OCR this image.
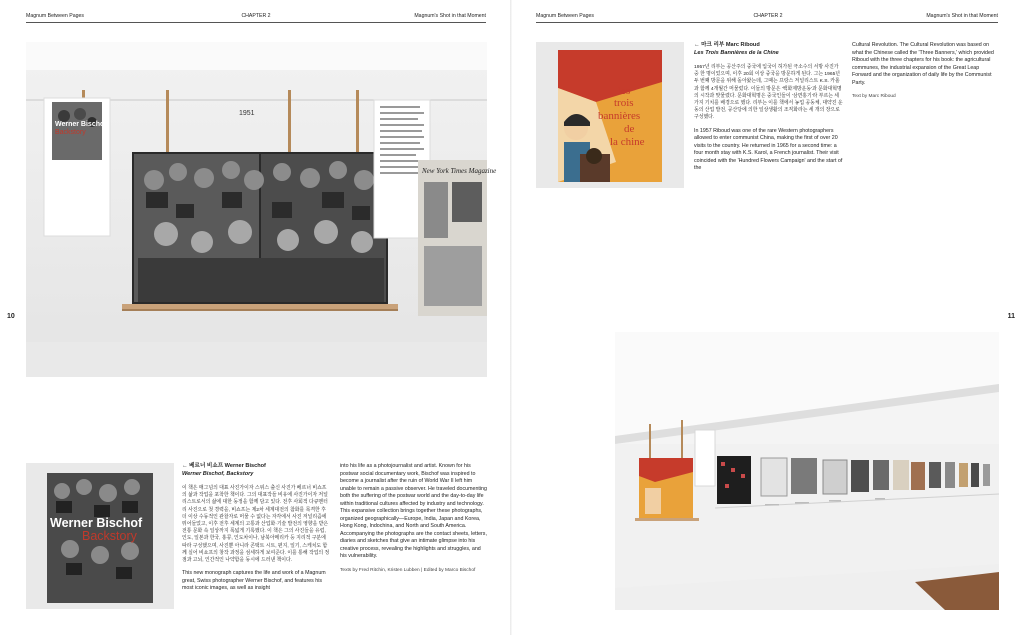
Magnum Between Pages	CHAPTER 2	Magnum's Shot in that Moment
10
Werner Bischof
Backstory
1951
New York Times Magazine
Werner Bischof
Backstory
← 베르너 비쇼프 Werner Bischof
Werner Bischof, Backstory

이 책은 매그넘의 대표 사진가이자 스위스 출신 사진가 베르너 비쇼프의 삶과 작업을 포착한 책이다. 그의 대표작들 비유에 사진가이자 저널리스트로서의 삶에 대한 동정을 함께 담고 있다. 전후 사회적 다큐멘터리 사진으로 첫 경력을, 비쇼프는 제2차 세계대전의 참화를 목격한 후 더 이상 수동적인 관찰자로 머물 수 없다는 자각에서 사진 저널리즘에 뛰어들었고, 이후 전후 세계의 고통과 산업화·기술 발전의 영향을 받은 전통 문화 속 일상까지 폭넓게 기록했다. 이 책은 그의 사진들을 유럽, 인도, 일본과 한국, 홍콩, 인도차이나, 남북아메리카 등 지리적 구분에 따라 구성했으며, 사진뿐 아니라 콘택트 시트, 편지, 일기, 스케치도 함께 실어 비쇼프의 창작 과정을 섬세하게 보여준다. 이를 통해 작업의 정점과 고뇌, 인간적인 나약함을 동시에 드러낸 책이다.

This new monograph captures the life and work of a Magnum great, Swiss photographer Werner Bischof, and features his most iconic images, as well as insight

into his life as a photojournalist and artist. Known for his postwar social documentary work, Bischof was inspired to become a journalist after the ruin of World War II left him unable to remain a passive observer. He traveled documenting both the suffering of the postwar world and the day-to-day life within traditional cultures affected by industry and technology. This expansive collection brings together these photographs, organized geographically—Europe, India, Japan and Korea, Hong Kong, Indochina, and North and South America. Accompanying the photographs are the contact sheets, letters, diaries and sketches that give an intimate glimpse into his creative process, revealing the highlights and struggles, and his vulnerability.

Texts by Fred Ritchin, Kristen Lubben | Edited by Marco Bischof
Magnum Between Pages	CHAPTER 2	Magnum's Shot in that Moment
11
les
trois
bannières
de
la chine
← 마크 리부 Marc Riboud
Les Trois Bannières de la Chine

1957년 리부는 공산주의 중국에 입국이 허가된 극소수의 서방 사진가 중 한 명이었으며, 이후 20회 이상 중국을 방문하게 된다. 그는 1965년 두 번째 방문을 위해 돌아왔는데, 그때는 프랑스 저널리스트 K.S. 카롤과 함께 4개월간 머물렀다. 이들의 방문은 '백화제방운동'과 문화대혁명의 시작과 맞물렸다. 문화대혁명은 중국인들이 '삼면홍기'라 부르는 세 가지 기치를 배경으로 했다. 리부는 이를 책에서 농업 공동체, 대약진 운동의 산업 발전, 공산당에 의한 일상생활의 조직화라는 세 개의 장으로 구성했다.

In 1957 Riboud was one of the rare Western photographers allowed to enter communist China, making the first of over 20 visits to the country. He returned in 1965 for a second time: a four month stay with K.S. Karol, a French journalist. Their visit coincided with the 'Hundred Flowers Campaign' and the start of the

Cultural Revolution. The Cultural Revolution was based on what the Chinese called the 'Three Banners,' which provided Riboud with the three chapters for his book: the agricultural communes, the industrial expansion of the Great Leap Forward and the organization of daily life by the Communist Party.

Text by Marc Riboud
